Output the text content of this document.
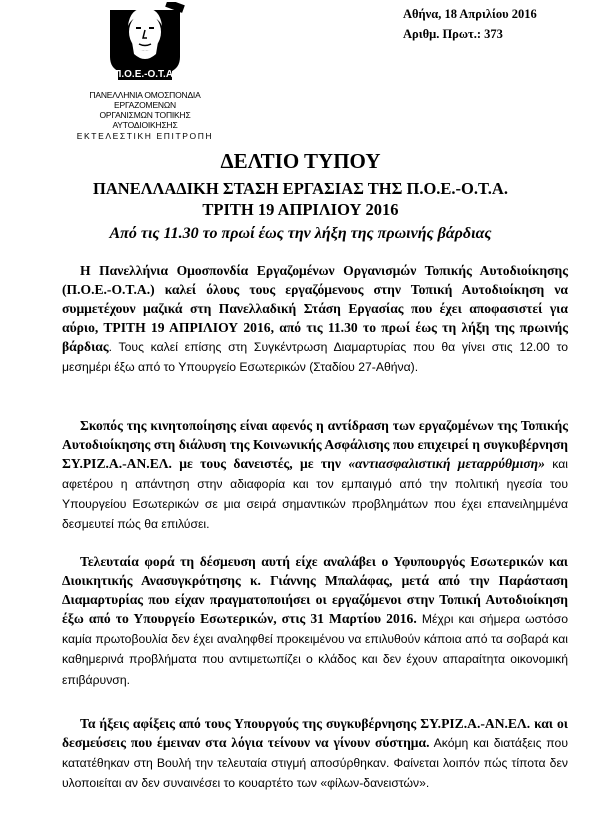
Π.Ο.Ε.-Ο.Τ.Α.
ΠΑΝΕΛΛΗΝΙΑ ΟΜΟΣΠΟΝΔΙΑ ΕΡΓΑΖΟΜΕΝΩΝ
ΟΡΓΑΝΙΣΜΩΝ ΤΟΠΙΚΗΣ ΑΥΤΟΔΙΟΙΚΗΣΗΣ
ΕΚΤΕΛΕΣΤΙΚΗ ΕΠΙΤΡΟΠΗ
Αθήνα, 18 Απριλίου 2016
Αριθμ. Πρωτ.: 373
ΔΕΛΤΙΟ ΤΥΠΟΥ
ΠΑΝΕΛΛΑΔΙΚΗ ΣΤΑΣΗ ΕΡΓΑΣΙΑΣ ΤΗΣ Π.Ο.Ε.-Ο.Τ.Α.
ΤΡΙΤΗ 19 ΑΠΡΙΛΙΟΥ 2016
Από τις 11.30 το πρωί έως την λήξη της πρωινής βάρδιας
Η Πανελλήνια Ομοσπονδία Εργαζομένων Οργανισμών Τοπικής Αυτοδιοίκησης (Π.Ο.Ε.-Ο.Τ.Α.) καλεί όλους τους εργαζόμενους στην Τοπική Αυτοδιοίκηση να συμμετέχουν μαζικά στη Πανελλαδική Στάση Εργασίας που έχει αποφασιστεί για αύριο, ΤΡΙΤΗ 19 ΑΠΡΙΛΙΟΥ 2016, από τις 11.30 το πρωί έως τη λήξη της πρωινής βάρδιας. Τους καλεί επίσης στη Συγκέντρωση Διαμαρτυρίας που θα γίνει στις 12.00 το μεσημέρι έξω από το Υπουργείο Εσωτερικών (Σταδίου 27-Αθήνα).
Σκοπός της κινητοποίησης είναι αφενός η αντίδραση των εργαζομένων της Τοπικής Αυτοδιοίκησης στη διάλυση της Κοινωνικής Ασφάλισης που επιχειρεί η συγκυβέρνηση ΣΥ.ΡΙΖ.Α.-ΑΝ.ΕΛ. με τους δανειστές, με την «αντιασφαλιστική μεταρρύθμιση» και αφετέρου η απάντηση στην αδιαφορία και τον εμπαιγμό από την πολιτική ηγεσία του Υπουργείου Εσωτερικών σε μια σειρά σημαντικών προβλημάτων που έχει επανειλημμένα δεσμευτεί πώς θα επιλύσει.
Τελευταία φορά τη δέσμευση αυτή είχε αναλάβει ο Υφυπουργός Εσωτερικών και Διοικητικής Ανασυγκρότησης κ. Γιάννης Μπαλάφας, μετά από την Παράσταση Διαμαρτυρίας που είχαν πραγματοποιήσει οι εργαζόμενοι στην Τοπική Αυτοδιοίκηση έξω από το Υπουργείο Εσωτερικών, στις 31 Μαρτίου 2016. Μέχρι και σήμερα ωστόσο καμία πρωτοβουλία δεν έχει αναληφθεί προκειμένου να επιλυθούν κάποια από τα σοβαρά και καθημερινά προβλήματα που αντιμετωπίζει ο κλάδος και δεν έχουν απαραίτητα οικονομική επιβάρυνση.
Τα ήξεις αφίξεις από τους Υπουργούς της συγκυβέρνησης ΣΥ.ΡΙΖ.Α.-ΑΝ.ΕΛ. και οι δεσμεύσεις που έμειναν στα λόγια τείνουν να γίνουν σύστημα. Ακόμη και διατάξεις που κατατέθηκαν στη Βουλή την τελευταία στιγμή αποσύρθηκαν. Φαίνεται λοιπόν πώς τίποτα δεν υλοποιείται αν δεν συναινέσει το κουαρτέτο των «φίλων-δανειστών».
